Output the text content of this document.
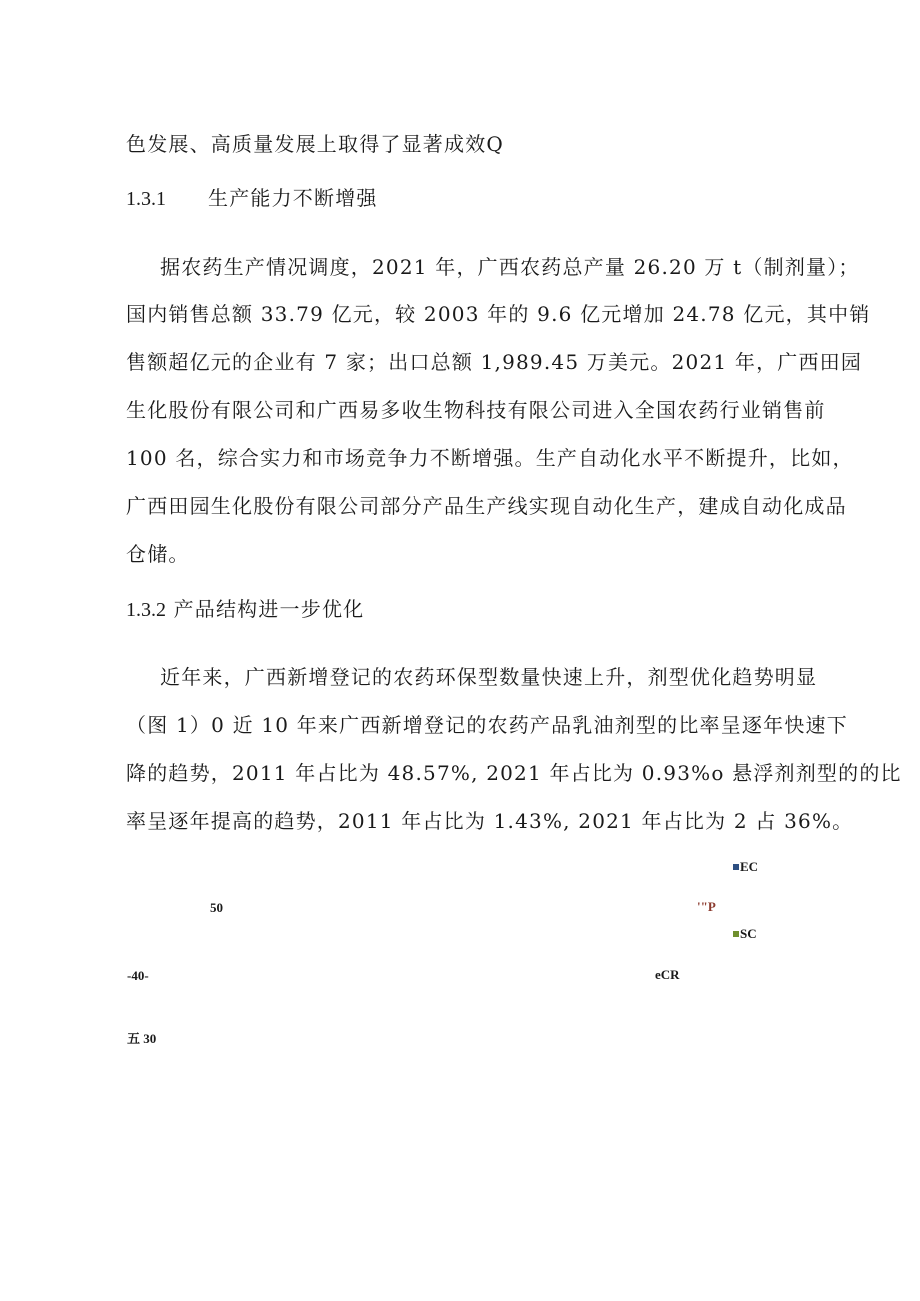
色发展、高质量发展上取得了显著成效Q
1.3.1 生产能力不断增强
据农药生产情况调度，2021 年，广西农药总产量 26.20 万 t（制剂量）；
国内销售总额 33.79 亿元，较 2003 年的 9.6 亿元增加 24.78 亿元，其中销
售额超亿元的企业有 7 家；出口总额 1,989.45 万美元。2021 年，广西田园
生化股份有限公司和广西易多收生物科技有限公司进入全国农药行业销售前
100 名，综合实力和市场竞争力不断增强。生产自动化水平不断提升，比如，
广西田园生化股份有限公司部分产品生产线实现自动化生产，建成自动化成品
仓储。
1.3.2 产品结构进一步优化
近年来，广西新增登记的农药环保型数量快速上升，剂型优化趋势明显
（图 1）0 近 10 年来广西新增登记的农药产品乳油剂型的比率呈逐年快速下
降的趋势，2011 年占比为 48.57%, 2021 年占比为 0.93%o 悬浮剂剂型的的比
率呈逐年提高的趋势，2011 年占比为 1.43%, 2021 年占比为 2 占 36%。
EC
'"P
SC
eCR
50
-40-
五 30
